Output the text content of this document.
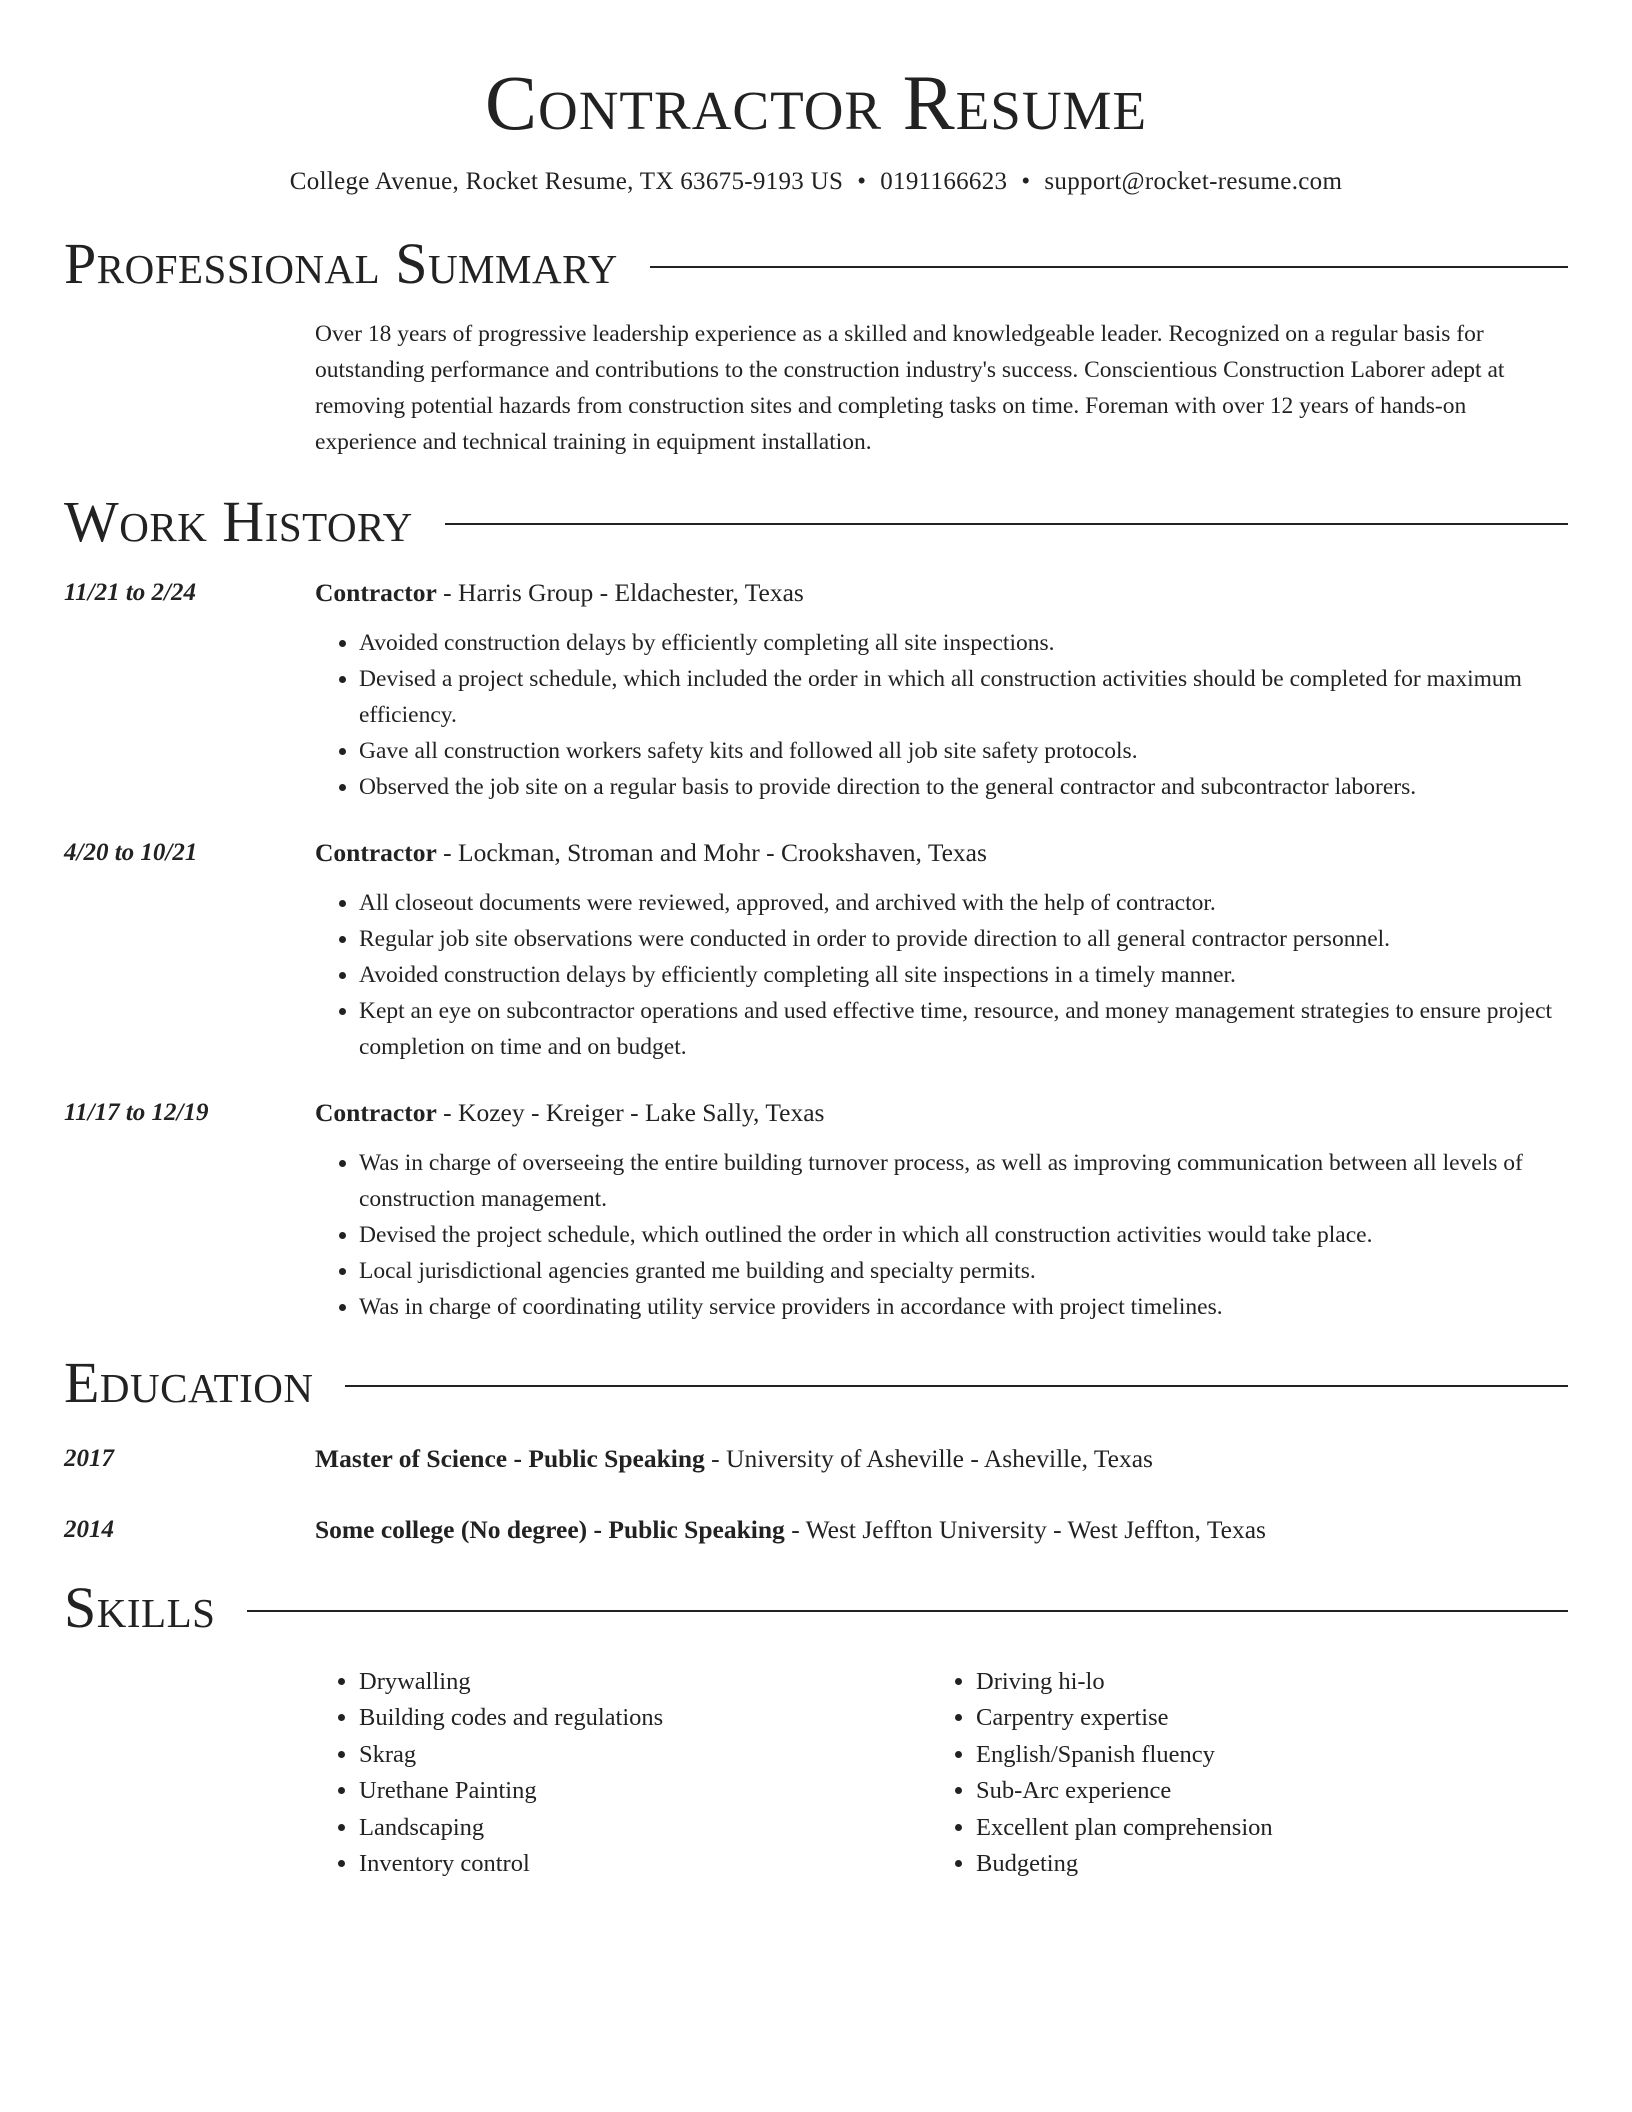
Contractor Resume
College Avenue, Rocket Resume, TX 63675-9193 US • 0191166623 • support@rocket-resume.com
Professional Summary
Over 18 years of progressive leadership experience as a skilled and knowledgeable leader. Recognized on a regular basis for outstanding performance and contributions to the construction industry's success. Conscientious Construction Laborer adept at removing potential hazards from construction sites and completing tasks on time. Foreman with over 12 years of hands-on experience and technical training in equipment installation.
Work History
11/21 to 2/24	Contractor - Harris Group - Eldachester, Texas
• Avoided construction delays by efficiently completing all site inspections.
• Devised a project schedule, which included the order in which all construction activities should be completed for maximum efficiency.
• Gave all construction workers safety kits and followed all job site safety protocols.
• Observed the job site on a regular basis to provide direction to the general contractor and subcontractor laborers.
4/20 to 10/21	Contractor - Lockman, Stroman and Mohr - Crookshaven, Texas
• All closeout documents were reviewed, approved, and archived with the help of contractor.
• Regular job site observations were conducted in order to provide direction to all general contractor personnel.
• Avoided construction delays by efficiently completing all site inspections in a timely manner.
• Kept an eye on subcontractor operations and used effective time, resource, and money management strategies to ensure project completion on time and on budget.
11/17 to 12/19	Contractor - Kozey - Kreiger - Lake Sally, Texas
• Was in charge of overseeing the entire building turnover process, as well as improving communication between all levels of construction management.
• Devised the project schedule, which outlined the order in which all construction activities would take place.
• Local jurisdictional agencies granted me building and specialty permits.
• Was in charge of coordinating utility service providers in accordance with project timelines.
Education
2017	Master of Science - Public Speaking - University of Asheville - Asheville, Texas
2014	Some college (No degree) - Public Speaking - West Jeffton University - West Jeffton, Texas
Skills
• Drywalling
• Building codes and regulations
• Skrag
• Urethane Painting
• Landscaping
• Inventory control
• Driving hi-lo
• Carpentry expertise
• English/Spanish fluency
• Sub-Arc experience
• Excellent plan comprehension
• Budgeting
